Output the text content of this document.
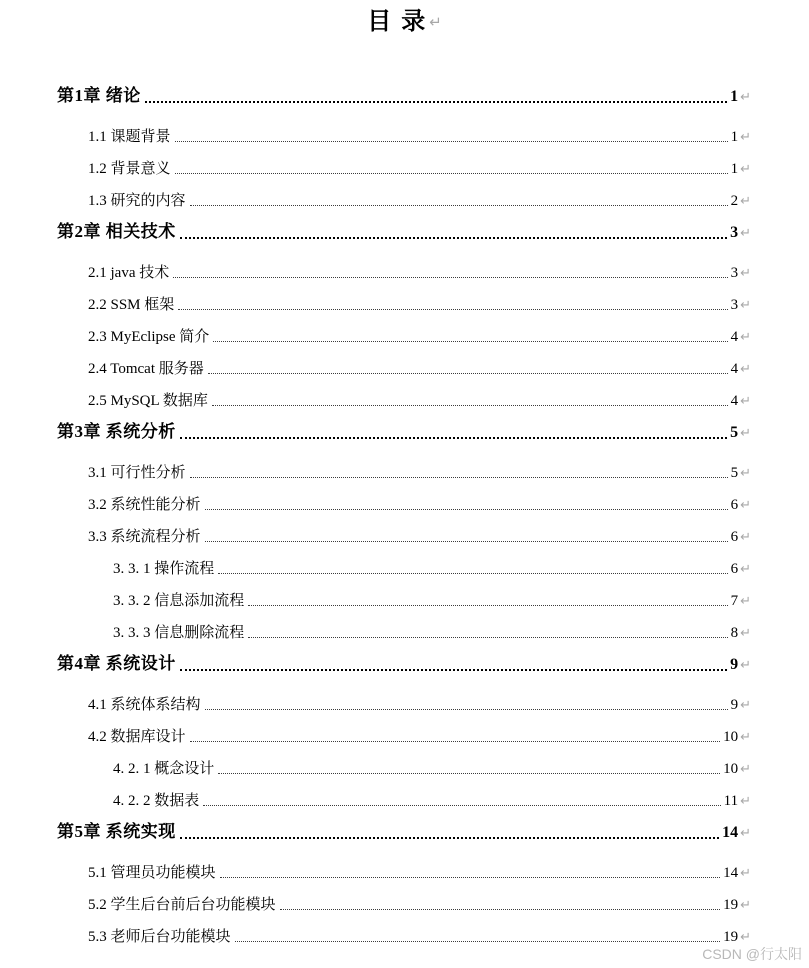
目 录 ↵
第1章 绪论	1 ↵
1.1 课题背景	1 ↵
1.2 背景意义	1 ↵
1.3 研究的内容	2 ↵
第2章 相关技术	3 ↵
2.1 java 技术	3 ↵
2.2 SSM 框架	3 ↵
2.3 MyEclipse 简介	4 ↵
2.4 Tomcat 服务器	4 ↵
2.5 MySQL 数据库	4 ↵
第3章 系统分析	5 ↵
3.1 可行性分析	5 ↵
3.2 系统性能分析	6 ↵
3.3 系统流程分析	6 ↵
3. 3. 1 操作流程	6 ↵
3. 3. 2 信息添加流程	7 ↵
3. 3. 3 信息删除流程	8 ↵
第4章 系统设计	9 ↵
4.1 系统体系结构	9 ↵
4.2 数据库设计	10 ↵
4. 2. 1 概念设计	10 ↵
4. 2. 2 数据表	11 ↵
第5章 系统实现	14 ↵
5.1 管理员功能模块	14 ↵
5.2 学生后台前后台功能模块	19 ↵
5.3 老师后台功能模块	19 ↵
CSDN @行太阳
